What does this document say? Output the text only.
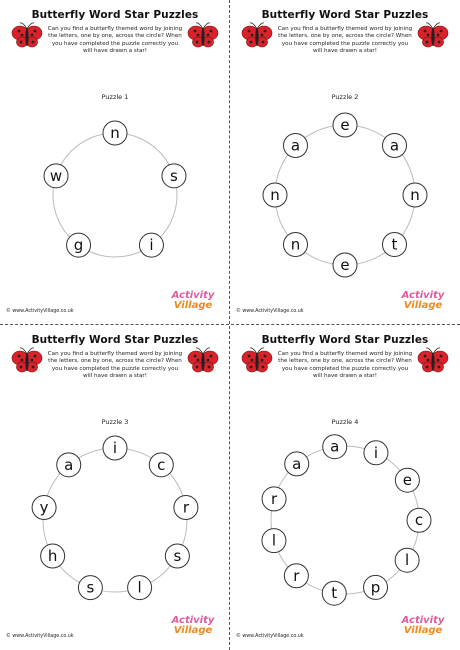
n
s
i
g
w
Butterfly Word Star Puzzles
Can you find a butterfly themed word by joining the letters, one by one, across the circle? When you have completed the puzzle correctly you will have drawn a star!
Puzzle 1
© www.ActivityVillage.co.uk
Activity
Village
e
a
n
t
e
n
n
a
Butterfly Word Star Puzzles
Can you find a butterfly themed word by joining the letters, one by one, across the circle? When you have completed the puzzle correctly you will have drawn a star!
Puzzle 2
© www.ActivityVillage.co.uk
Activity
Village
i
c
r
s
l
s
h
y
a
Butterfly Word Star Puzzles
Can you find a butterfly themed word by joining the letters, one by one, across the circle? When you have completed the puzzle correctly you will have drawn a star!
Puzzle 3
© www.ActivityVillage.co.uk
Activity
Village
a i
e
c
l
p
t
r
l
r
a
Butterfly Word Star Puzzles
Can you find a butterfly themed word by joining the letters, one by one, across the circle? When you have completed the puzzle correctly you will have drawn a star!
Puzzle 4
© www.ActivityVillage.co.uk
Activity
Village
